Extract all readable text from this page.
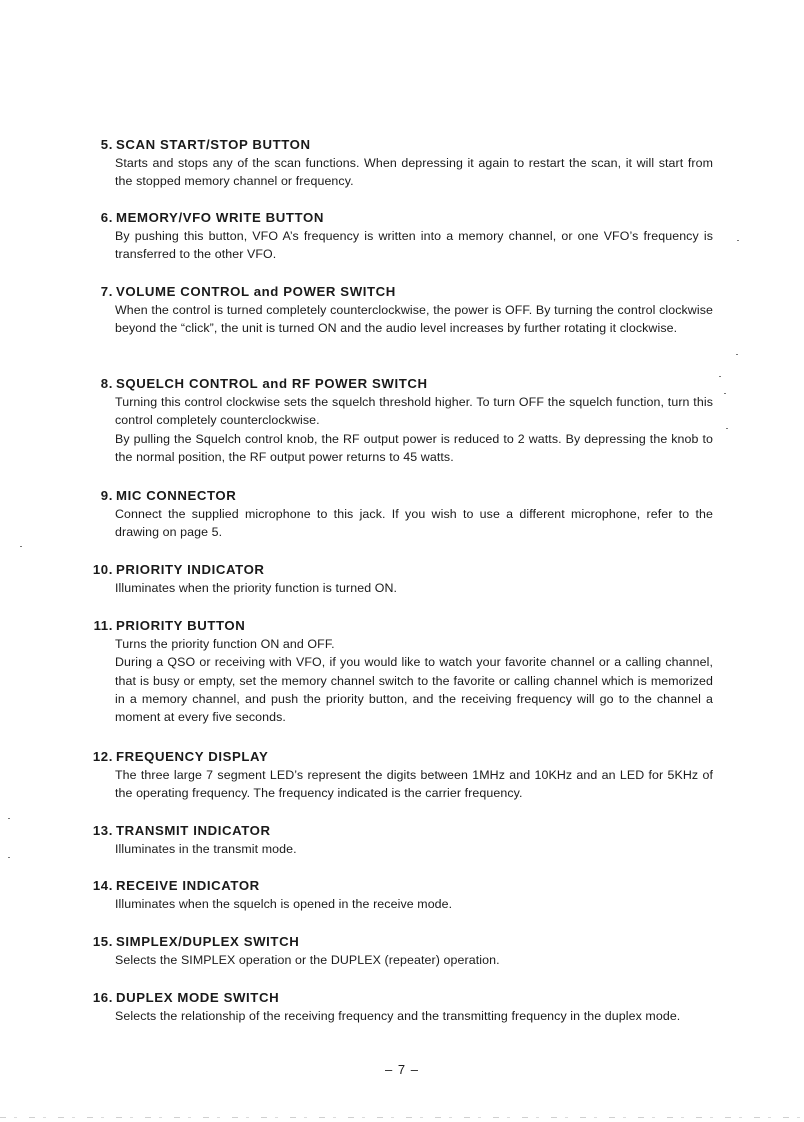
5. SCAN START/STOP BUTTON

Starts and stops any of the scan functions. When depressing it again to restart the scan, it will start from the stopped memory channel or frequency.

6. MEMORY/VFO WRITE BUTTON

By pushing this button, VFO A’s frequency is written into a memory channel, or one VFO’s frequency is transferred to the other VFO.

7. VOLUME CONTROL and POWER SWITCH

When the control is turned completely counterclockwise, the power is OFF. By turning the control clockwise beyond the “click”, the unit is turned ON and the audio level increases by further rotating it clockwise.

8. SQUELCH CONTROL and RF POWER SWITCH

Turning this control clockwise sets the squelch threshold higher. To turn OFF the squelch function, turn this control completely counterclockwise.

By pulling the Squelch control knob, the RF output power is reduced to 2 watts. By depressing the knob to the normal position, the RF output power returns to 45 watts.

9. MIC CONNECTOR

Connect the supplied microphone to this jack. If you wish to use a different microphone, refer to the drawing on page 5.

10. PRIORITY INDICATOR

Illuminates when the priority function is turned ON.

11. PRIORITY BUTTON

Turns the priority function ON and OFF.

During a QSO or receiving with VFO, if you would like to watch your favorite channel or a calling channel, that is busy or empty, set the memory channel switch to the favorite or calling channel which is memorized in a memory channel, and push the priority button, and the receiving frequency will go to the channel a moment at every five seconds.

12. FREQUENCY DISPLAY

The three large 7 segment LED’s represent the digits between 1MHz and 10KHz and an LED for 5KHz of the operating frequency. The frequency indicated is the carrier frequency.

13. TRANSMIT INDICATOR

Illuminates in the transmit mode.

14. RECEIVE INDICATOR

Illuminates when the squelch is opened in the receive mode.

15. SIMPLEX/DUPLEX SWITCH

Selects the SIMPLEX operation or the DUPLEX (repeater) operation.

16. DUPLEX MODE SWITCH

Selects the relationship of the receiving frequency and the transmitting frequency in the duplex mode.

– 7 –
